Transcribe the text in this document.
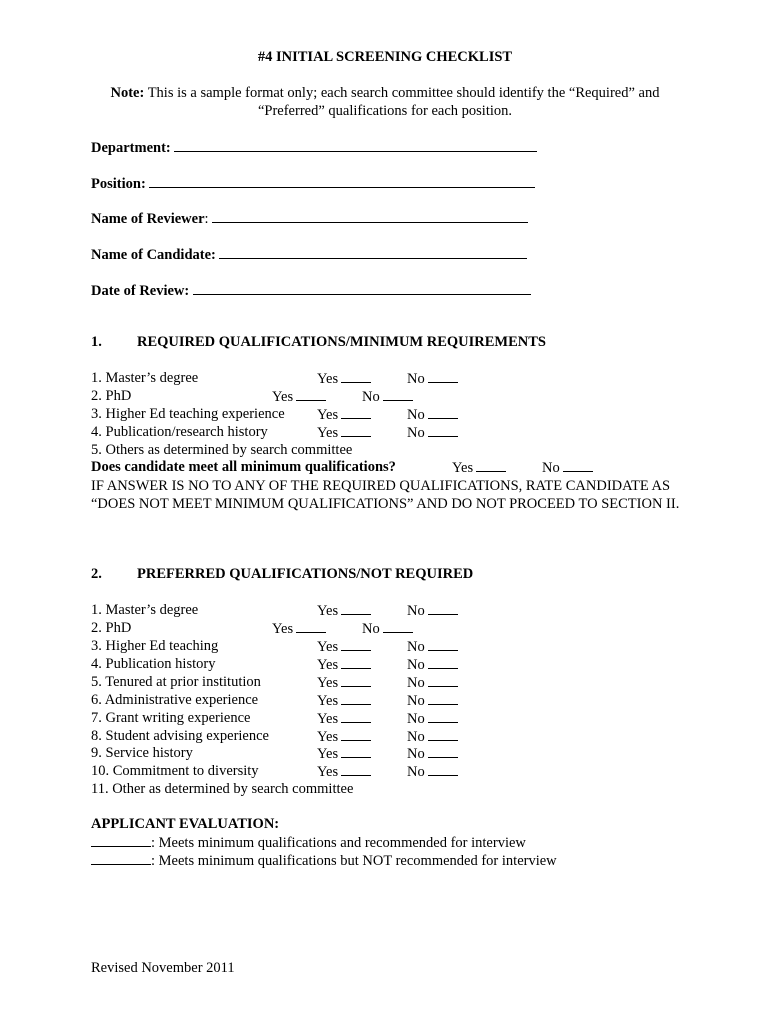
#4 INITIAL SCREENING CHECKLIST
Note: This is a sample format only; each search committee should identify the “Required” and
“Preferred” qualifications for each position.
Department:
Position:
Name of Reviewer:
Name of Candidate:
Date of Review:
1. REQUIRED QUALIFICATIONS/MINIMUM REQUIREMENTS
1. Master’s degree	Yes	No
2. PhD	Yes	No
3. Higher Ed teaching experience Yes	No
4. Publication/research history	Yes	No
5. Others as determined by search committee
Does candidate meet all minimum qualifications?	Yes	No
IF ANSWER IS NO TO ANY OF THE REQUIRED QUALIFICATIONS, RATE CANDIDATE AS “DOES NOT MEET MINIMUM QUALIFICATIONS” AND DO NOT PROCEED TO SECTION II.
2. PREFERRED QUALIFICATIONS/NOT REQUIRED
1. Master’s degree	Yes	No
2. PhD	Yes	No
3. Higher Ed teaching	Yes	No
4. Publication history	Yes	No
5. Tenured at prior institution	Yes	No
6. Administrative experience	Yes	No
7. Grant writing experience	Yes	No
8. Student advising experience	Yes	No
9. Service history	Yes	No
10. Commitment to diversity	Yes	No
11. Other as determined by search committee
APPLICANT EVALUATION:
: Meets minimum qualifications and recommended for interview
: Meets minimum qualifications but NOT recommended for interview
Revised November 2011
